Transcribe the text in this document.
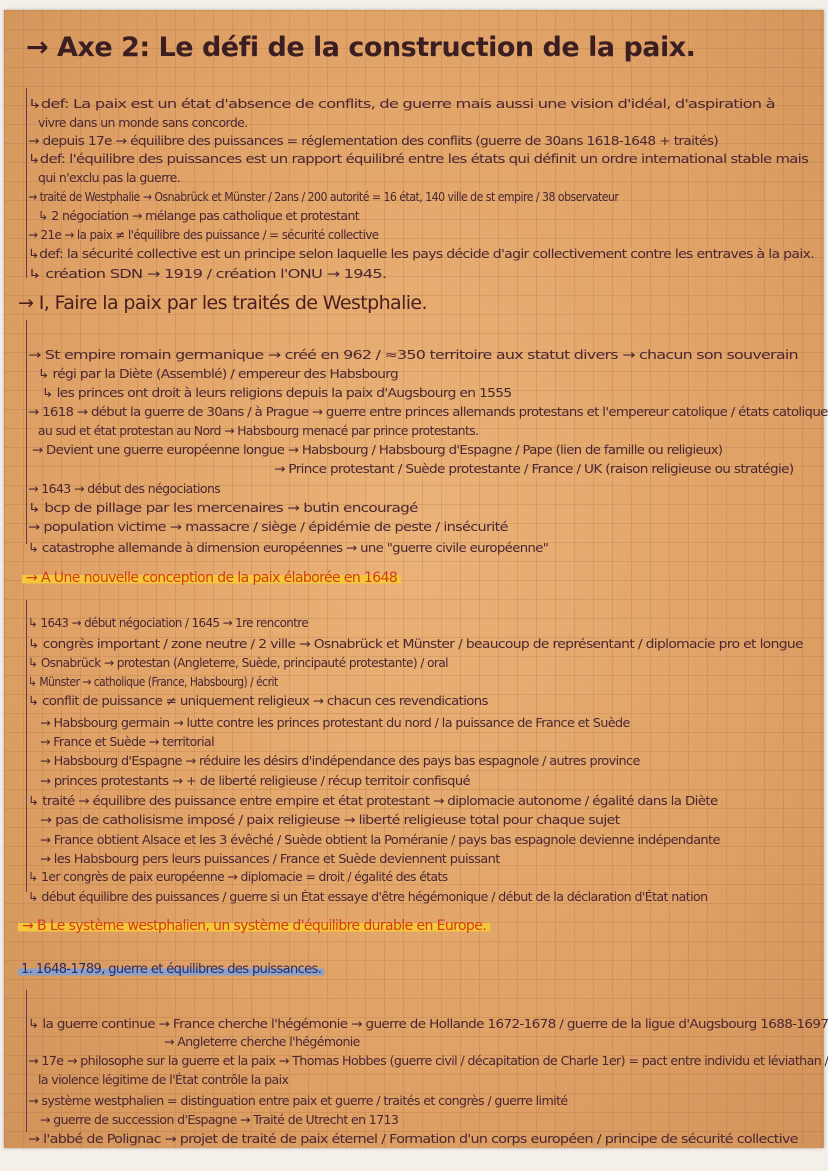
→ Axe 2: Le défi de la construction de la paix.
→ I, Faire la paix par les traités de Westphalie.
→ A Une nouvelle conception de la paix élaborée en 1648
→ B Le système westphalien, un système d'équilibre durable en Europe.
1. 1648-1789, guerre et équilibres des puissances.
↳def: La paix est un état d'absence de conflits, de guerre mais aussi une vision d'idéal, d'aspiration à
vivre dans un monde sans concorde.
→ depuis 17e → équilibre des puissances = réglementation des conflits (guerre de 30ans 1618-1648 + traités)
↳def: l'équilibre des puissances est un rapport équilibré entre les états qui définit un ordre international stable mais
qui n'exclu pas la guerre.
→ traité de Westphalie → Osnabrück et Münster / 2ans / 200 autorité = 16 état, 140 ville de st empire / 38 observateur
↳ 2 négociation → mélange pas catholique et protestant
→ 21e → la paix ≠ l'équilibre des puissance / = sécurité collective
↳def: la sécurité collective est un principe selon laquelle les pays décide d'agir collectivement contre les entraves à la paix.
↳ création SDN → 1919 / création l'ONU → 1945.
→ St empire romain germanique → créé en 962 / ≈350 territoire aux statut divers → chacun son souverain
↳ régi par la Diète (Assemblé) / empereur des Habsbourg
↳ les princes ont droit à leurs religions depuis la paix d'Augsbourg en 1555
→ 1618 → début la guerre de 30ans / à Prague → guerre entre princes allemands protestans et l'empereur catolique / états catolique
au sud et état protestan au Nord → Habsbourg menacé par prince protestants.
→ Devient une guerre européenne longue → Habsbourg / Habsbourg d'Espagne / Pape (lien de famille ou religieux)
→ Prince protestant / Suède protestante / France / UK (raison religieuse ou stratégie)
→ 1643 → début des négociations
↳ bcp de pillage par les mercenaires → butin encouragé
→ population victime → massacre / siège / épidémie de peste / insécurité
↳ catastrophe allemande à dimension européennes → une "guerre civile européenne"
↳ 1643 → début négociation / 1645 → 1re rencontre
↳ congrès important / zone neutre / 2 ville → Osnabrück et Münster / beaucoup de représentant / diplomacie pro et longue
↳ Osnabrück → protestan (Angleterre, Suède, principauté protestante) / oral
↳ Münster → catholique (France, Habsbourg) / écrit
↳ conflit de puissance ≠ uniquement religieux → chacun ces revendications
→ Habsbourg germain → lutte contre les princes protestant du nord / la puissance de France et Suède
→ France et Suède → territorial
→ Habsbourg d'Espagne → réduire les désirs d'indépendance des pays bas espagnole / autres province
→ princes protestants → + de liberté religieuse / récup territoir confisqué
↳ traité → équilibre des puissance entre empire et état protestant → diplomacie autonome / égalité dans la Diète
→ pas de catholisisme imposé / paix religieuse → liberté religieuse total pour chaque sujet
→ France obtient Alsace et les 3 évêché / Suède obtient la Poméranie / pays bas espagnole devienne indépendante
→ les Habsbourg pers leurs puissances / France et Suède deviennent puissant
↳ 1er congrès de paix européenne → diplomacie = droit / égalité des états
↳ début équilibre des puissances / guerre si un État essaye d'être hégémonique / début de la déclaration d'État nation
↳ la guerre continue → France cherche l'hégémonie → guerre de Hollande 1672-1678 / guerre de la ligue d'Augsbourg 1688-1697
→ Angleterre cherche l'hégémonie
→ 17e → philosophe sur la guerre et la paix → Thomas Hobbes (guerre civil / décapitation de Charle 1er) = pact entre individu et léviathan /
la violence légitime de l'État contrôle la paix
→ système westphalien = distinguation entre paix et guerre / traités et congrès / guerre limité
→ guerre de succession d'Espagne → Traité de Utrecht en 1713
→ l'abbé de Polignac → projet de traité de paix éternel / Formation d'un corps européen / principe de sécurité collective
